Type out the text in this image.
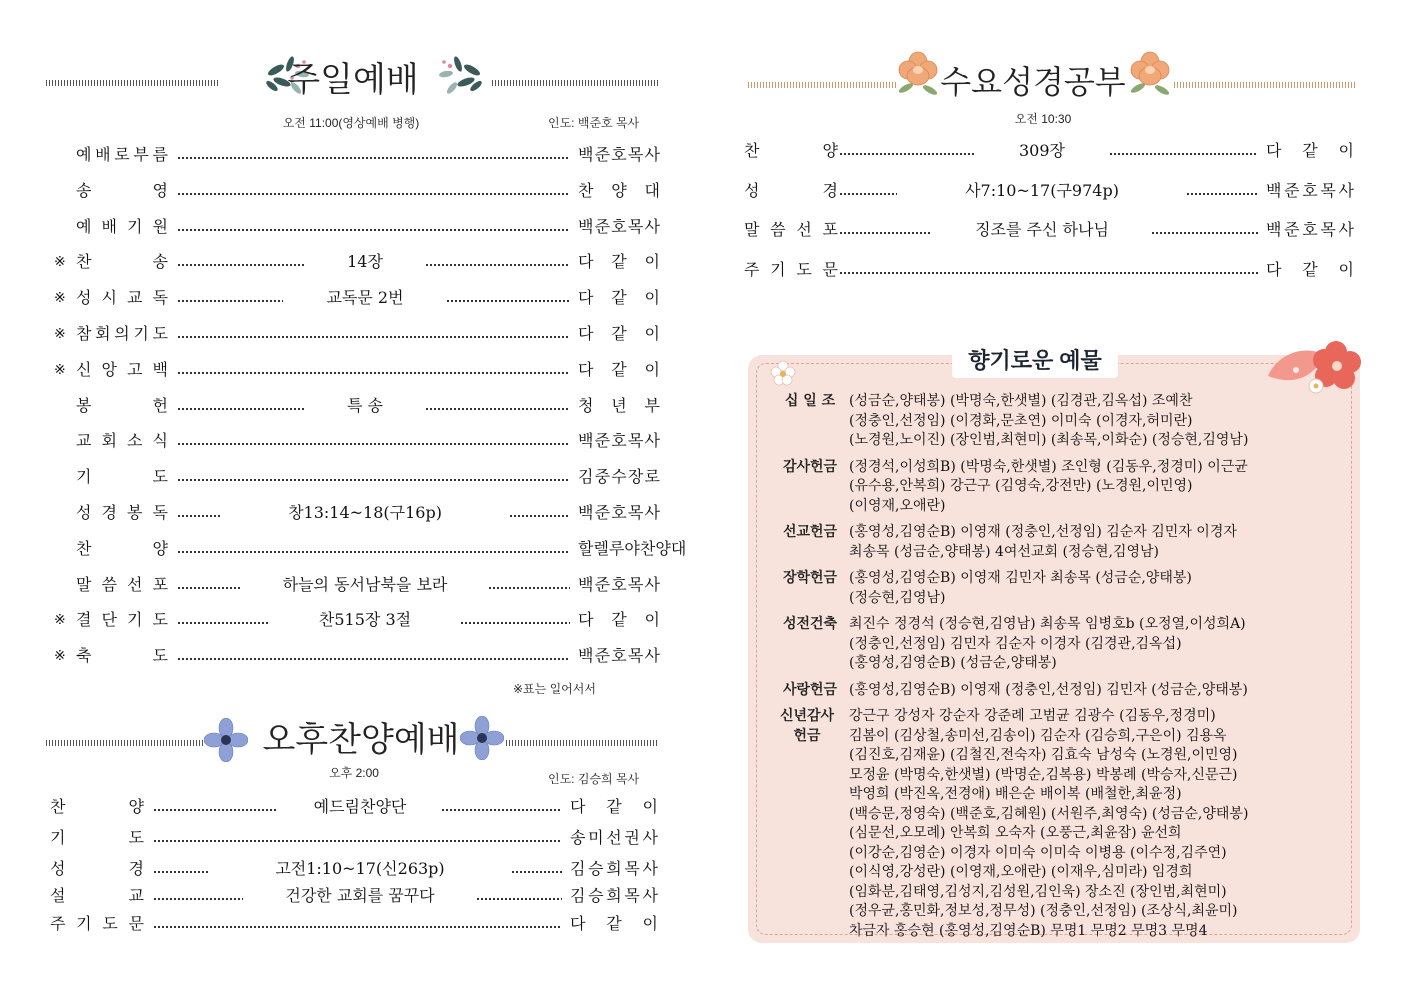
주일예배
오전 11:00(영상예배 병행)	인도: 백준호 목사
예 배 로 부 름	백 준 호 목 사
송	영	찬 양 대
예 배 기 원	백 준 호 목 사
※ 찬	송	14장	다 같 이
※ 성 시 교 독	교독문 2번	다 같 이
※ 참 회 의 기 도	다 같 이
※ 신 앙 고 백	다 같 이
봉	헌	특 송	청 년 부
교 회 소 식	백 준 호 목 사
기	도	김 중 수 장 로
성 경 봉 독	창13:14~18(구16p)	백 준 호 목 사
찬	양	할 렐 루 야 찬 양 대
말 씀 선 포	하늘의 동서남북을 보라	백 준 호 목 사
※ 결 단 기 도	찬515장 3절	다 같 이
※ 축	도	백 준 호 목 사
※표는 일어서서
오후찬양예배
오후 2:00	인도: 김승희 목사
찬	양	예드림찬양단	다 같 이
기	도	송 미 선 권 사
성	경	고전1:10~17(신263p)	김 승 희 목 사
설	교	건강한 교회를 꿈꾸다	김 승 희 목 사
주 기 도 문	다 같 이
수요성경공부
오전 10:30
찬	양	309장	다 같 이
성	경	사7:10~17(구974p)	백 준 호 목 사
말 씀 선 포	징조를 주신 하나님	백 준 호 목 사
주 기 도 문	다 같 이
향기로운 예물
십 일 조 (성금순,양태봉) (박명숙,한샛별) (김경관,김옥섭) 조예찬
(정충인,선정임) (이경화,문초연) 이미숙 (이경자,허미란)
(노경원,노이진) (장인범,최현미) (최송목,이화순) (정승현,김영남)
감사헌금 (정경석,이성희B) (박명숙,한샛별) 조인형 (김동우,정경미) 이근균
(유수용,안복희) 강근구 (김영숙,강전만) (노경원,이민영)
(이영재,오애란)
선교헌금 (홍영성,김영순B) 이영재 (정충인,선정임) 김순자 김민자 이경자
최송목 (성금순,양태봉) 4여선교회 (정승현,김영남)
장학헌금 (홍영성,김영순B) 이영재 김민자 최송목 (성금순,양태봉)
(정승현,김영남)
성전건축 최진수 정경석 (정승현,김영남) 최송목 임병호b (오정열,이성희A)
(정충인,선정임) 김민자 김순자 이경자 (김경관,김옥섭)
(홍영성,김영순B) (성금순,양태봉)
사랑헌금 (홍영성,김영순B) 이영재 (정충인,선정임) 김민자 (성금순,양태봉)
신년감사 헌금
강근구 강성자 강순자 강준례 고범균 김광수 (김동우,정경미)
김봄이 (김상철,송미선,김송이) 김순자 (김승희,구은이) 김용옥
(김진호,김재윤) (김철진,전숙자) 김효숙 남성숙 (노경원,이민영)
모정윤 (박명숙,한샛별) (박명순,김복용) 박봉례 (박승자,신문근)
박영희 (박진옥,전경애) 배은순 배이복 (배철한,최윤정)
(백승문,정영숙) (백준호,김혜원) (서원주,최영숙) (성금순,양태봉)
(심문선,오모례) 안복희 오숙자 (오풍근,최윤잠) 윤선희
(이강순,김영순) 이경자 이미숙 이미숙 이병용 (이수정,김주연)
(이식영,강성란) (이영재,오애란) (이재우,심미라) 임경희
(임화분,김태영,김성지,김성원,김인욱) 장소진 (장인범,최현미)
(정우균,홍민화,정보성,정무성) (정충인,선정임) (조상식,최윤미)
차금자 홍승현 (홍영성,김영순B) 무명1 무명2 무명3 무명4
